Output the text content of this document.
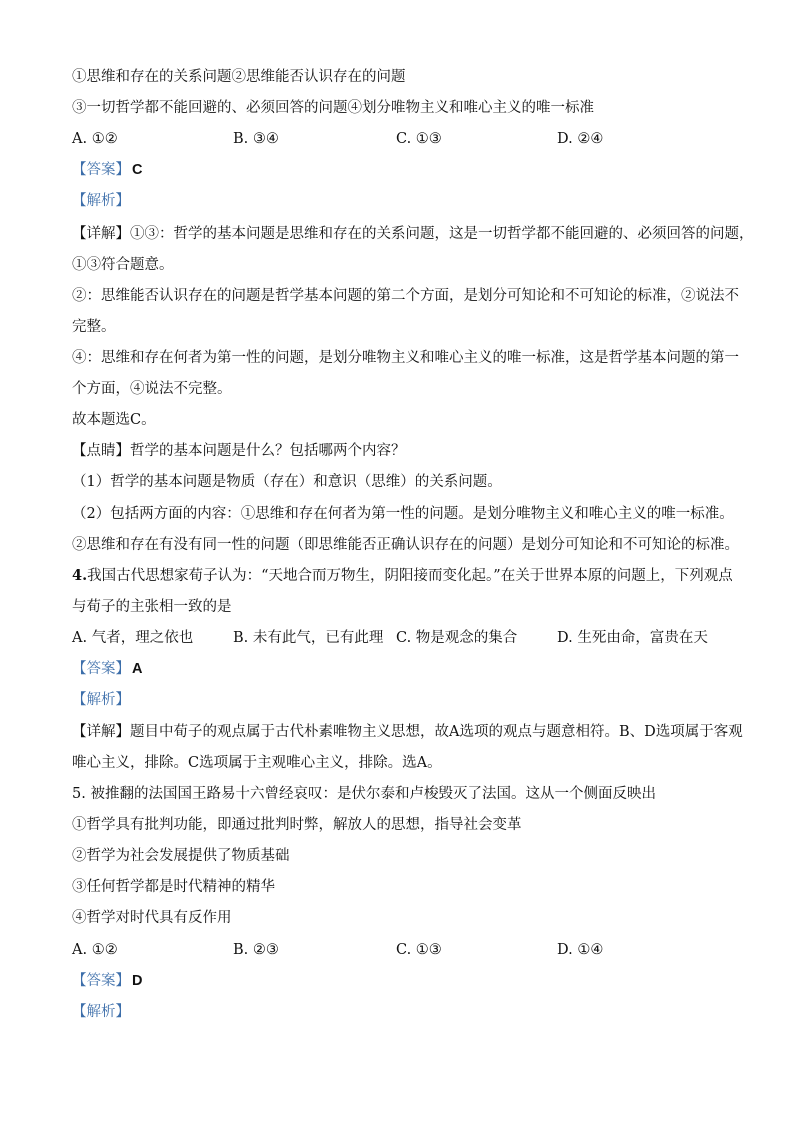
①思维和存在的关系问题②思维能否认识存在的问题
③一切哲学都不能回避的、必须回答的问题④划分唯物主义和唯心主义的唯一标准
A. ①②	B. ③④	C. ①③	D. ②④
【答案】 C
【解析】
【详解】①③：哲学的基本问题是思维和存在的关系问题，这是一切哲学都不能回避的、必须回答的问题，
①③符合题意。
②：思维能否认识存在的问题是哲学基本问题的第二个方面，是划分可知论和不可知论的标准，②说法不
完整。
④：思维和存在何者为第一性的问题，是划分唯物主义和唯心主义的唯一标准，这是哲学基本问题的第一
个方面，④说法不完整。
故本题选C。
【点睛】哲学的基本问题是什么？包括哪两个内容？
（1）哲学的基本问题是物质（存在）和意识（思维）的关系问题。
（2）包括两方面的内容：①思维和存在何者为第一性的问题。是划分唯物主义和唯心主义的唯一标准。
②思维和存在有没有同一性的问题（即思维能否正确认识存在的问题）是划分可知论和不可知论的标准。
4.我国古代思想家荀子认为：“天地合而万物生，阴阳接而变化起。”在关于世界本原的问题上，下列观点
与荀子的主张相一致的是
A. 气者，理之依也	B. 未有此气，已有此理 C. 物是观念的集合	D. 生死由命，富贵在天
【答案】 A
【解析】
【详解】题目中荀子的观点属于古代朴素唯物主义思想，故A选项的观点与题意相符。B、D选项属于客观
唯心主义，排除。C选项属于主观唯心主义，排除。选A。
5. 被推翻的法国国王路易十六曾经哀叹：是伏尔泰和卢梭毁灭了法国。这从一个侧面反映出
①哲学具有批判功能，即通过批判时弊，解放人的思想，指导社会变革
②哲学为社会发展提供了物质基础
③任何哲学都是时代精神的精华
④哲学对时代具有反作用
A. ①②	B. ②③	C. ①③	D. ①④
【答案】 D
【解析】
